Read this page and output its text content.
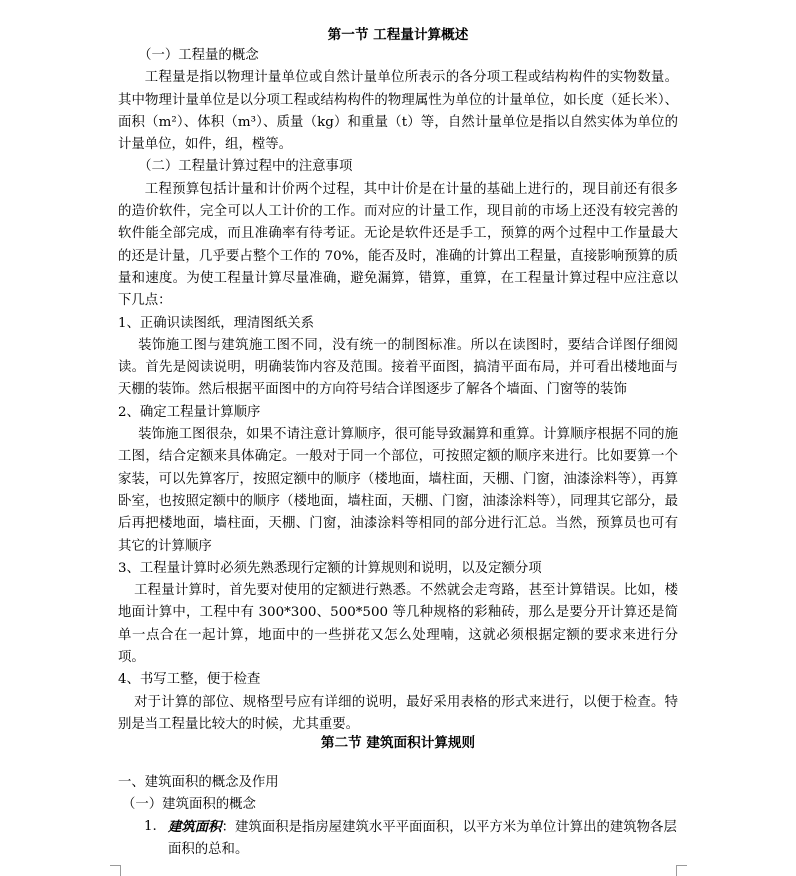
第一节 工程量计算概述

（一）工程量的概念

工程量是指以物理计量单位或自然计量单位所表示的各分项工程或结构构件的实物数量。其中物理计量单位是以分项工程或结构构件的物理属性为单位的计量单位，如长度（延长米）、面积（m²）、体积（m³）、质量（kg）和重量（t）等，自然计量单位是指以自然实体为单位的计量单位，如件，组，樘等。

（二）工程量计算过程中的注意事项

工程预算包括计量和计价两个过程，其中计价是在计量的基础上进行的，现目前还有很多的造价软件，完全可以人工计价的工作。而对应的计量工作，现目前的市场上还没有较完善的软件能全部完成，而且准确率有待考证。无论是软件还是手工，预算的两个过程中工作量最大的还是计量，几乎要占整个工作的 70%，能否及时，准确的计算出工程量，直接影响预算的质量和速度。为使工程量计算尽量准确，避免漏算，错算，重算，在工程量计算过程中应注意以下几点：

1、正确识读图纸，理清图纸关系

装饰施工图与建筑施工图不同，没有统一的制图标准。所以在读图时，要结合详图仔细阅读。首先是阅读说明，明确装饰内容及范围。接着平面图，搞清平面布局，并可看出楼地面与天棚的装饰。然后根据平面图中的方向符号结合详图逐步了解各个墙面、门窗等的装饰

2、确定工程量计算顺序

装饰施工图很杂，如果不请注意计算顺序，很可能导致漏算和重算。计算顺序根据不同的施工图，结合定额来具体确定。一般对于同一个部位，可按照定额的顺序来进行。比如要算一个家装，可以先算客厅，按照定额中的顺序（楼地面，墙柱面，天棚、门窗，油漆涂料等），再算卧室，也按照定额中的顺序（楼地面，墙柱面，天棚、门窗，油漆涂料等），同理其它部分，最后再把楼地面，墙柱面，天棚、门窗，油漆涂料等相同的部分进行汇总。当然，预算员也可有其它的计算顺序

3、工程量计算时必须先熟悉现行定额的计算规则和说明，以及定额分项

工程量计算时，首先要对使用的定额进行熟悉。不然就会走弯路，甚至计算错误。比如，楼地面计算中，工程中有 300*300、500*500 等几种规格的彩釉砖，那么是要分开计算还是简单一点合在一起计算，地面中的一些拼花又怎么处理喃，这就必须根据定额的要求来进行分项。

4、书写工整，便于检查

对于计算的部位、规格型号应有详细的说明，最好采用表格的形式来进行，以便于检查。特别是当工程量比较大的时候，尤其重要。

第二节 建筑面积计算规则

一、建筑面积的概念及作用

（一）建筑面积的概念

1. 建筑面积：建筑面积是指房屋建筑水平平面面积，以平方米为单位计算出的建筑物各层面积的总和。
